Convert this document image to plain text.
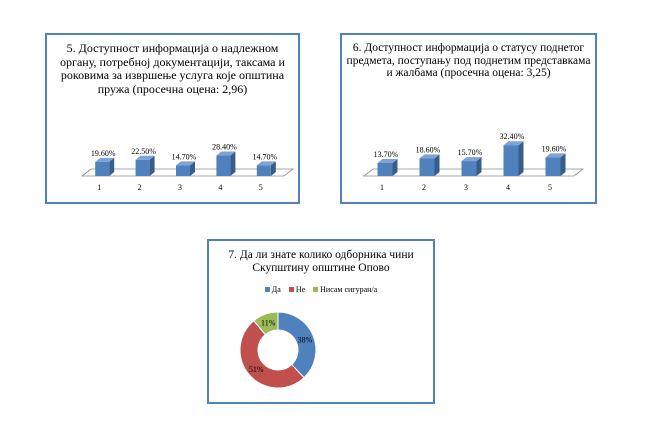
5. Доступност информација о надлежном органу, потребној документацији, таксама и роковима за извршење услуга које општина пружа (просечна оцена: 2,96)
19.60%
1
22.50%
2
14.70%
3
28.40%
4
14.70%
5
6. Доступност информација о статусу поднетог предмета, поступању под поднетим представкама и жалбама (просечна оцена: 3,25)
13.70%
1
18.60%
2
15.70%
3
32.40%
4
19.60%
5
7. Да ли знате колико одборника чини Скупштину општине Опово
Да Не Нисам сигуран/а
38%
51%
11%
